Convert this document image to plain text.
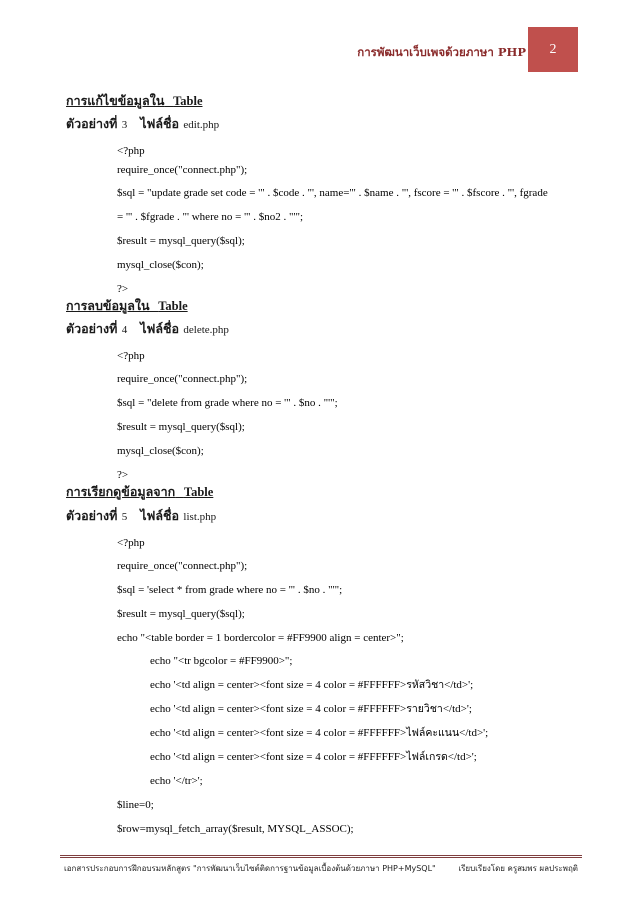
การพัฒนาเว็บเพจด้วยภาษา PHP	2
การแก้ไขข้อมูลใน Table
ตัวอย่างที่ 3 ไฟล์ชื่อ edit.php
<?php
require_once("connect.php");
$sql = "update grade set code = '" . $code . "', name='" . $name . "', fscore = '" . $fscore . "', fgrade
= '" . $fgrade . "' where no = '" . $no2 . "'";
$result = mysql_query($sql);
mysql_close($con);
?>
การลบข้อมูลใน Table
ตัวอย่างที่ 4 ไฟล์ชื่อ delete.php
<?php
require_once("connect.php");
$sql = "delete from grade where no = '" . $no . "'";
$result = mysql_query($sql);
mysql_close($con);
?>
การเรียกดูข้อมูลจาก Table
ตัวอย่างที่ 5 ไฟล์ชื่อ list.php
<?php
require_once("connect.php");
$sql = 'select * from grade where no = '" . $no . "'";
$result = mysql_query($sql);
echo "<table border = 1 bordercolor = #FF9900 align = center>";
echo "<tr bgcolor = #FF9900>";
echo '<td align = center><font size = 4 color = #FFFFFF>รหัสวิชา</td>';
echo '<td align = center><font size = 4 color = #FFFFFF>รายวิชา</td>';
echo '<td align = center><font size = 4 color = #FFFFFF>ไฟล์คะแนน</td>';
echo '<td align = center><font size = 4 color = #FFFFFF>ไฟล์เกรด</td>';
echo '</tr>';
$line=0;
$row=mysql_fetch_array($result, MYSQL_ASSOC);
เอกสารประกอบการฝึกอบรมหลักสูตร "การพัฒนาเว็บไซต์ติดการฐานข้อมูลเบื้องต้นด้วยภาษา PHP+MySQL"	เรียบเรียงโดย ครูสมพร ผลประพฤติ
